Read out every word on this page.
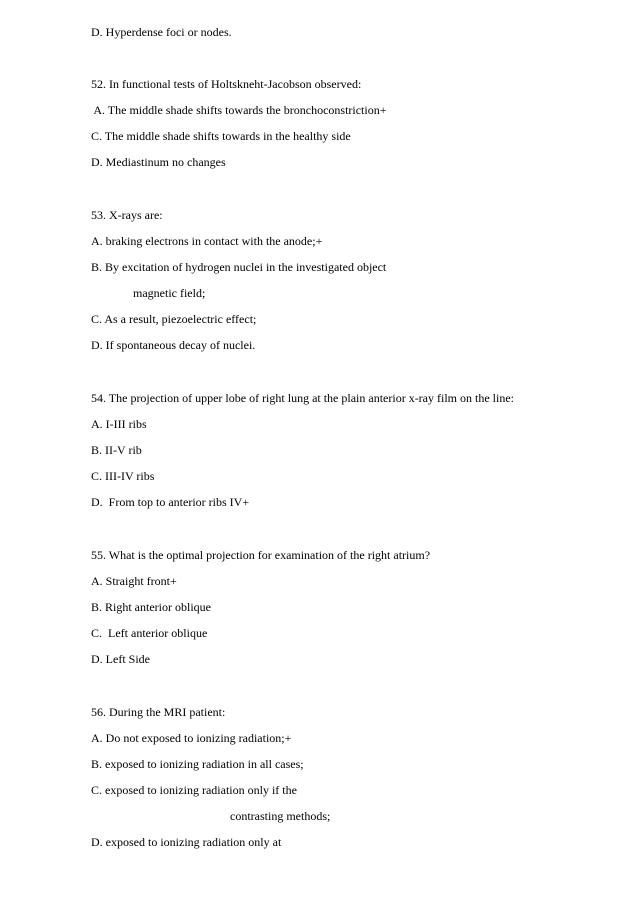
D. Hyperdense foci or nodes.
52. In functional tests of Holtskneht-Jacobson observed:
A. The middle shade shifts towards the bronchoconstriction+
C. The middle shade shifts towards in the healthy side
D. Mediastinum no changes
53. X-rays are:
A. braking electrons in contact with the anode;+
B. By excitation of hydrogen nuclei in the investigated object
magnetic field;
C. As a result, piezoelectric effect;
D. If spontaneous decay of nuclei.
54. The projection of upper lobe of right lung at the plain anterior x-ray film on the line:
A. I-III ribs
B. II-V rib
C. III-IV ribs
D.  From top to anterior ribs IV+
55. What is the optimal projection for examination of the right atrium?
A. Straight front+
B. Right anterior oblique
C.  Left anterior oblique
D. Left Side
56. During the MRI patient:
A. Do not exposed to ionizing radiation;+
B. exposed to ionizing radiation in all cases;
C. exposed to ionizing radiation only if the
contrasting methods;
D. exposed to ionizing radiation only at
